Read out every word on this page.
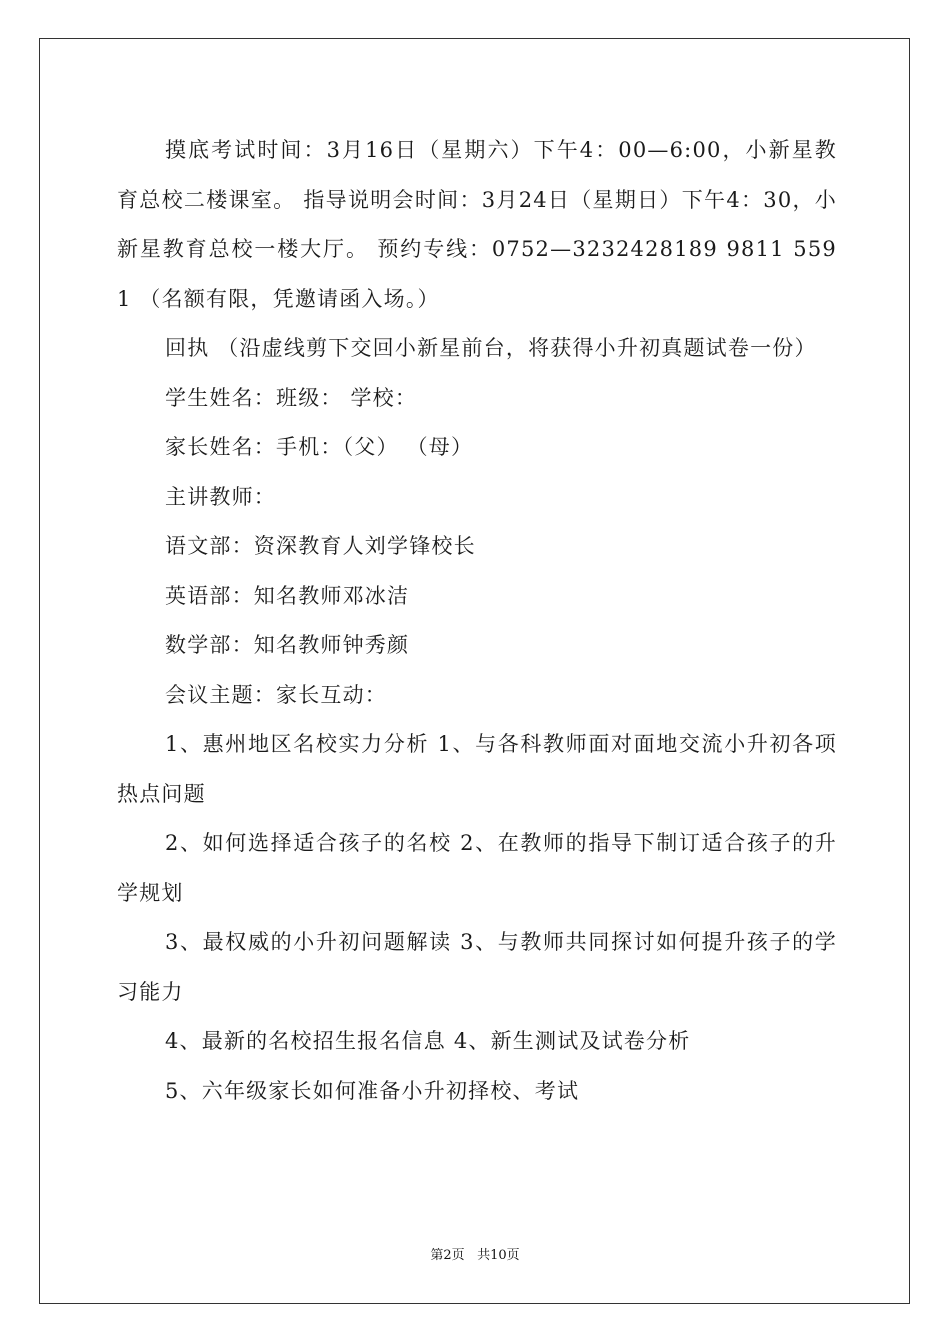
摸底考试时间：3月16日（星期六）下午4：00—6:00，小新星教育总校二楼课室。 指导说明会时间：3月24日（星期日）下午4：30，小新星教育总校一楼大厅。 预约专线：0752—3232428189 9811 5591 （名额有限，凭邀请函入场。）

回执 （沿虚线剪下交回小新星前台，将获得小升初真题试卷一份）

学生姓名：班级： 学校：

家长姓名：手机：（父） （母）

主讲教师：

语文部：资深教育人刘学锋校长

英语部：知名教师邓冰洁

数学部：知名教师钟秀颜

会议主题：家长互动：

1、惠州地区名校实力分析 1、与各科教师面对面地交流小升初各项热点问题

2、如何选择适合孩子的名校 2、在教师的指导下制订适合孩子的升学规划

3、最权威的小升初问题解读 3、与教师共同探讨如何提升孩子的学习能力

4、最新的名校招生报名信息 4、新生测试及试卷分析

5、六年级家长如何准备小升初择校、考试

第2页 共10页
